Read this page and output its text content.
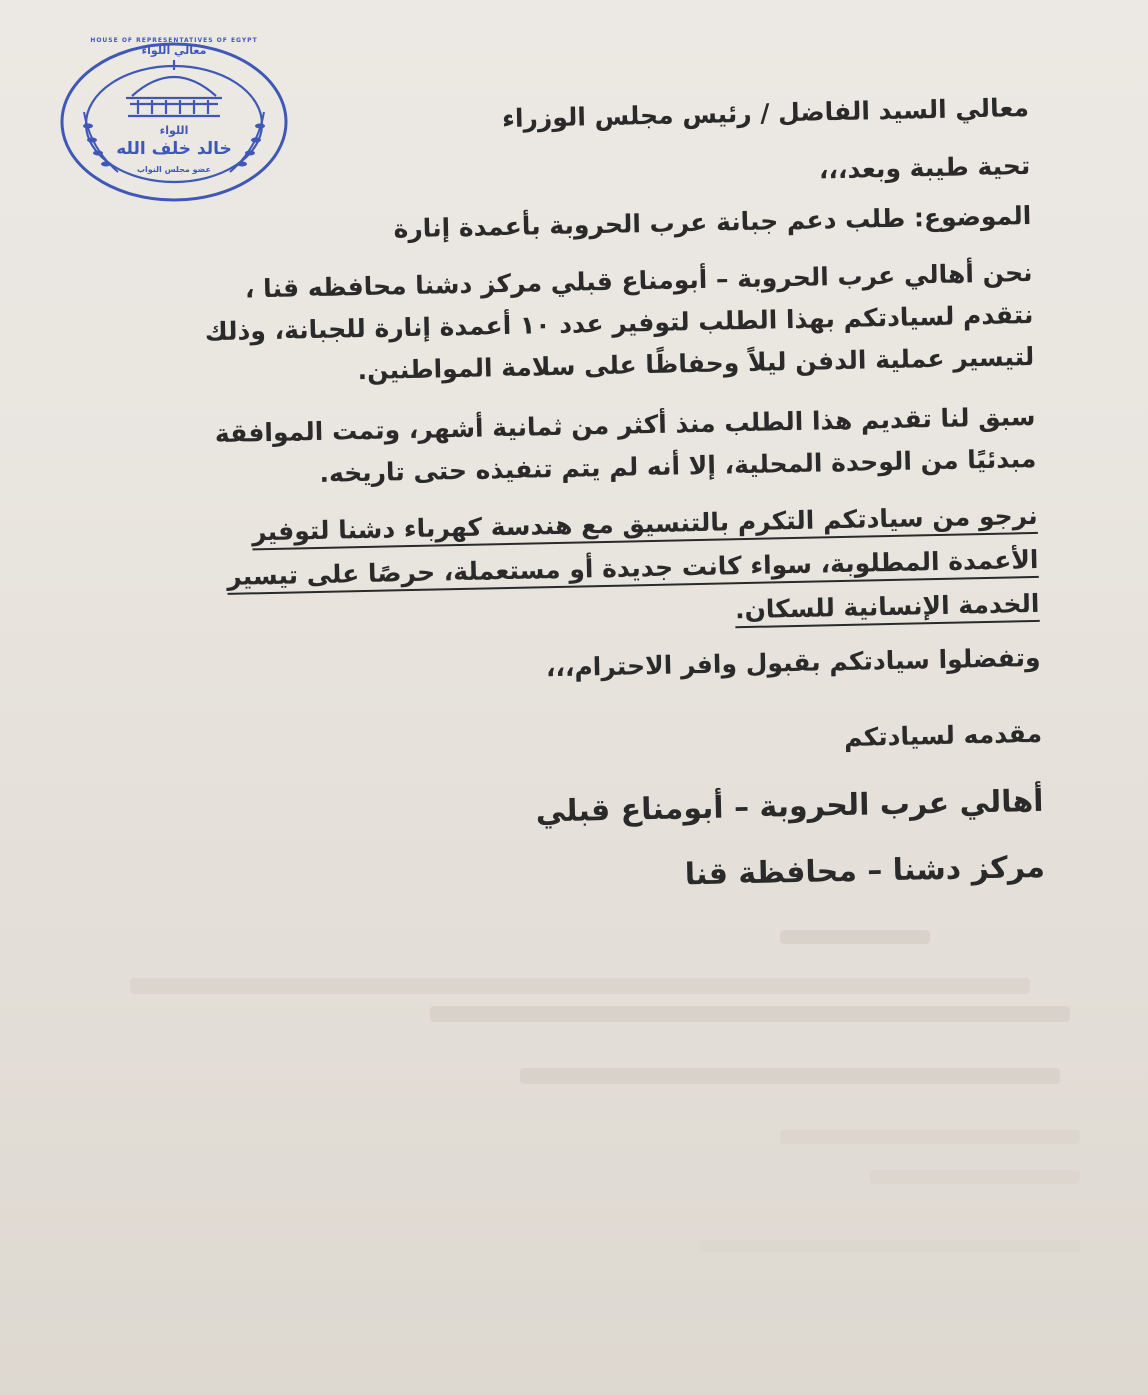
معالي اللواء
HOUSE OF REPRESENTATIVES OF EGYPT
اللواء
خالد خلف الله
عضو مجلس النواب
معالي السيد الفاضل / رئيس مجلس الوزراء
تحية طيبة وبعد،،،
الموضوع: طلب دعم جبانة عرب الحروبة بأعمدة إنارة
نحن أهالي عرب الحروبة – أبومناع قبلي مركز دشنا محافظه قنا ،
نتقدم لسيادتكم بهذا الطلب لتوفير عدد ١٠ أعمدة إنارة للجبانة، وذلك
لتيسير عملية الدفن ليلاً وحفاظًا على سلامة المواطنين.
سبق لنا تقديم هذا الطلب منذ أكثر من ثمانية أشهر، وتمت الموافقة
مبدئيًا من الوحدة المحلية، إلا أنه لم يتم تنفيذه حتى تاريخه.
نرجو من سيادتكم التكرم بالتنسيق مع هندسة كهرباء دشنا لتوفير
الأعمدة المطلوبة، سواء كانت جديدة أو مستعملة، حرصًا على تيسير
الخدمة الإنسانية للسكان.
وتفضلوا سيادتكم بقبول وافر الاحترام،،،
مقدمه لسيادتكم
أهالي عرب الحروبة – أبومناع قبلي
مركز دشنا – محافظة قنا
